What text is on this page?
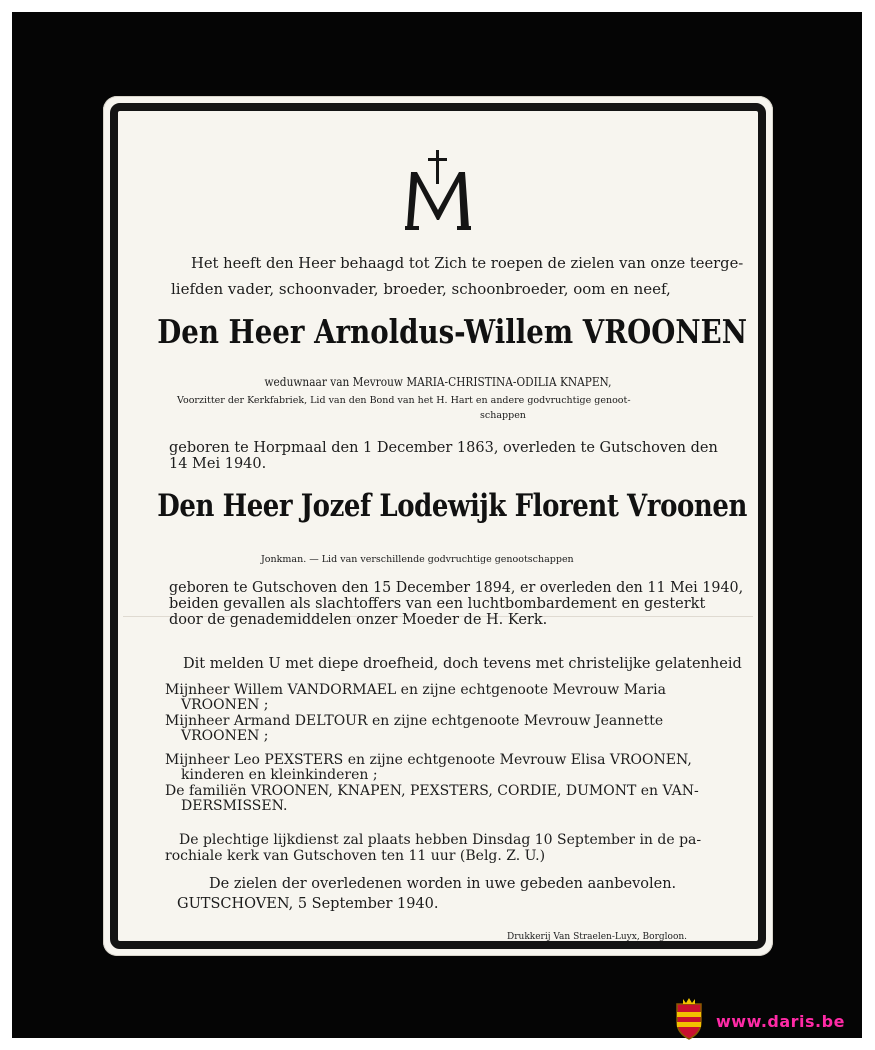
Het heeft den Heer behaagd tot Zich te roepen de zielen van onze teerge-
liefden vader, schoonvader, broeder, schoonbroeder, oom en neef,
Den Heer Arnoldus-Willem VROONEN
weduwnaar van Mevrouw MARIA-CHRISTINA-ODILIA KNAPEN,
Voorzitter der Kerkfabriek, Lid van den Bond van het H. Hart en andere godvruchtige genoot-
schappen
geboren te Horpmaal den 1 December 1863, overleden te Gutschoven den
14 Mei 1940.
Den Heer Jozef Lodewijk Florent Vroonen
Jonkman. — Lid van verschillende godvruchtige genootschappen
geboren te Gutschoven den 15 December 1894, er overleden den 11 Mei 1940,
beiden gevallen als slachtoffers van een luchtbombardement en gesterkt
door de genademiddelen onzer Moeder de H. Kerk.
Dit melden U met diepe droefheid, doch tevens met christelijke gelatenheid
Mijnheer Willem VANDORMAEL en zijne echtgenoote Mevrouw Maria
VROONEN ;
Mijnheer Armand DELTOUR en zijne echtgenoote Mevrouw Jeannette
VROONEN ;
Mijnheer Leo PEXSTERS en zijne echtgenoote Mevrouw Elisa VROONEN,
kinderen en kleinkinderen ;
De familiën VROONEN, KNAPEN, PEXSTERS, CORDIE, DUMONT en VAN-
DERSMISSEN.
De plechtige lijkdienst zal plaats hebben Dinsdag 10 September in de pa-
rochiale kerk van Gutschoven ten 11 uur (Belg. Z. U.)
De zielen der overledenen worden in uwe gebeden aanbevolen.
GUTSCHOVEN, 5 September 1940.
Drukkerij Van Straelen-Luyx, Borgloon.
www.daris.be
